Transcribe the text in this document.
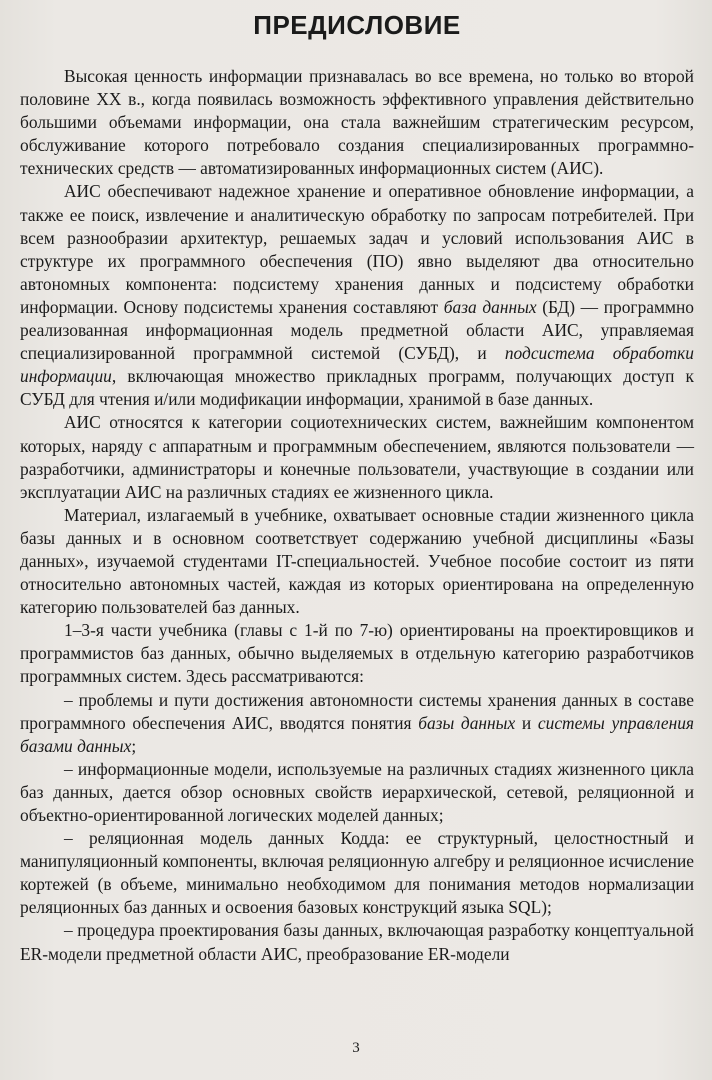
ПРЕДИСЛОВИЕ

Высокая ценность информации признавалась во все времена, но только во второй половине XX в., когда появилась возможность эффективного управления действительно большими объемами информации, она стала важнейшим стратегическим ресурсом, обслуживание которого потребовало создания специализированных программно-технических средств — автоматизированных информационных систем (АИС).

АИС обеспечивают надежное хранение и оперативное обновление информации, а также ее поиск, извлечение и аналитическую обработку по запросам потребителей. При всем разнообразии архитектур, решаемых задач и условий использования АИС в структуре их программного обеспечения (ПО) явно выделяют два относительно автономных компонента: подсистему хранения данных и подсистему обработки информации. Основу подсистемы хранения составляют база данных (БД) — программно реализованная информационная модель предметной области АИС, управляемая специализированной программной системой (СУБД), и подсистема обработки информации, включающая множество прикладных программ, получающих доступ к СУБД для чтения и/или модификации информации, хранимой в базе данных.

АИС относятся к категории социотехнических систем, важнейшим компонентом которых, наряду с аппаратным и программным обеспечением, являются пользователи — разработчики, администраторы и конечные пользователи, участвующие в создании или эксплуатации АИС на различных стадиях ее жизненного цикла.

Материал, излагаемый в учебнике, охватывает основные стадии жизненного цикла базы данных и в основном соответствует содержанию учебной дисциплины «Базы данных», изучаемой студентами IT-специальностей. Учебное пособие состоит из пяти относительно автономных частей, каждая из которых ориентирована на определенную категорию пользователей баз данных.

1–3-я части учебника (главы с 1-й по 7-ю) ориентированы на проектировщиков и программистов баз данных, обычно выделяемых в отдельную категорию разработчиков программных систем. Здесь рассматриваются:

– проблемы и пути достижения автономности системы хранения данных в составе программного обеспечения АИС, вводятся понятия базы данных и системы управления базами данных;

– информационные модели, используемые на различных стадиях жизненного цикла баз данных, дается обзор основных свойств иерархической, сетевой, реляционной и объектно-ориентированной логических моделей данных;

– реляционная модель данных Кодда: ее структурный, целостностный и манипуляционный компоненты, включая реляционную алгебру и реляционное исчисление кортежей (в объеме, минимально необходимом для понимания методов нормализации реляционных баз данных и освоения базовых конструкций языка SQL);

– процедура проектирования базы данных, включающая разработку концептуальной ER-модели предметной области АИС, преобразование ER-модели

3
